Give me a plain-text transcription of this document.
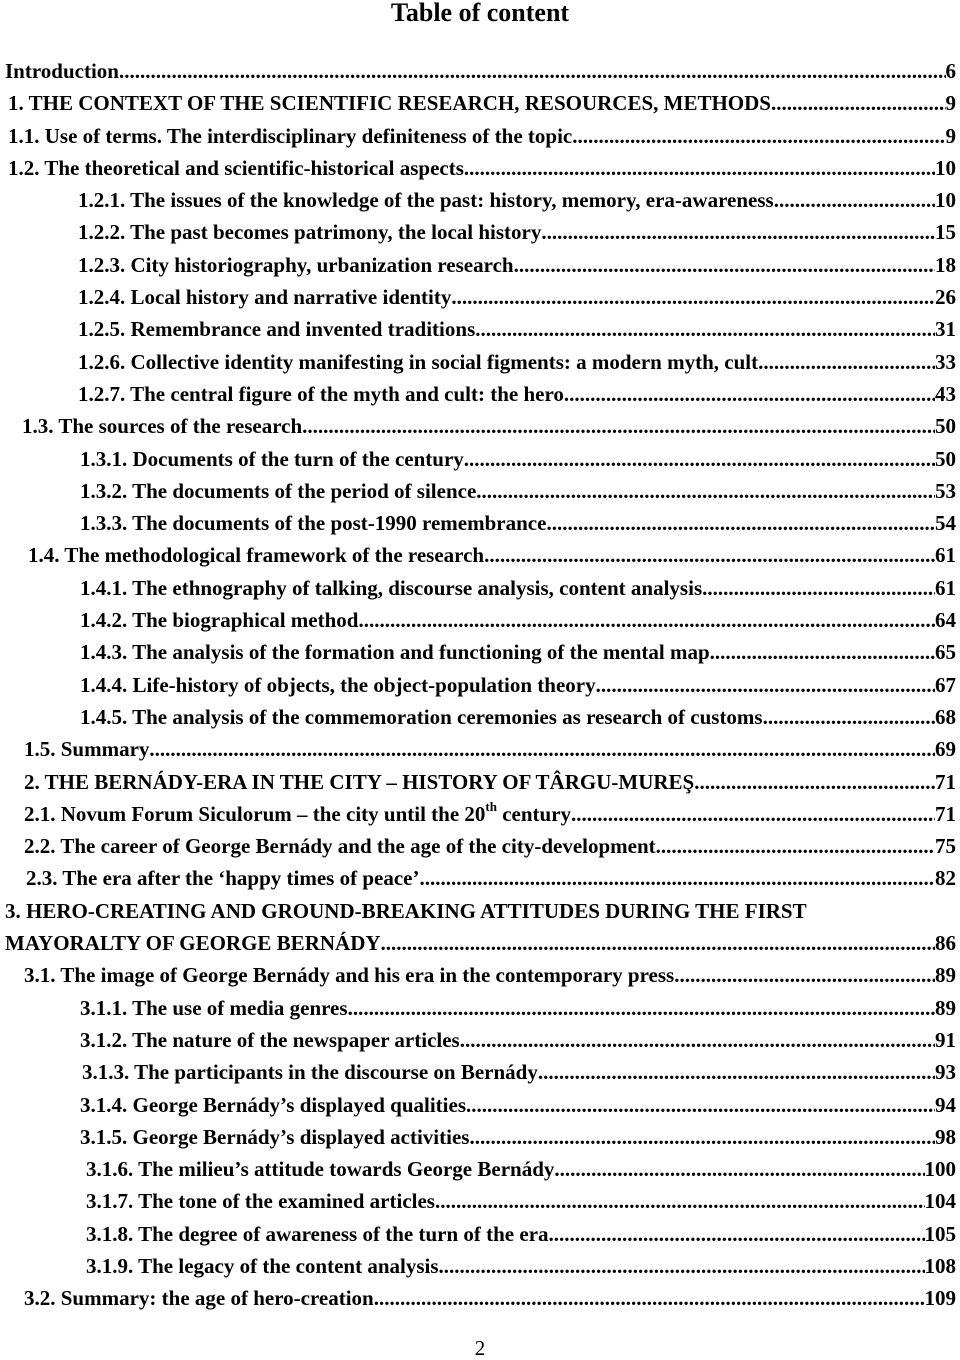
Table of content
Introduction .....	6
1. THE CONTEXT OF THE SCIENTIFIC RESEARCH, RESOURCES, METHODS .....	9
1.1. Use of terms. The interdisciplinary definiteness of the topic .....	9
1.2. The theoretical and scientific-historical aspects .....	10
1.2.1. The issues of the knowledge of the past: history, memory, era-awareness .....	10
1.2.2. The past becomes patrimony, the local history .....	15
1.2.3. City historiography, urbanization research .....	18
1.2.4. Local history and narrative identity .....	26
1.2.5. Remembrance and invented traditions .....	31
1.2.6. Collective identity manifesting in social figments: a modern myth, cult .....	33
1.2.7. The central figure of the myth and cult: the hero .....	43
1.3. The sources of the research .....	50
1.3.1. Documents of the turn of the century .....	50
1.3.2. The documents of the period of silence .....	53
1.3.3. The documents of the post-1990 remembrance .....	54
1.4. The methodological framework of the research .....	61
1.4.1. The ethnography of talking, discourse analysis, content analysis .....	61
1.4.2. The biographical method .....	64
1.4.3. The analysis of the formation and functioning of the mental map .....	65
1.4.4. Life-history of objects, the object-population theory .....	67
1.4.5. The analysis of the commemoration ceremonies as research of customs .....	68
1.5. Summary .....	69
2. THE BERNÁDY-ERA IN THE CITY – HISTORY OF TÂRGU-MUREŞ .....	71
2.1. Novum Forum Siculorum – the city until the 20th century .....	71
2.2. The career of George Bernády and the age of the city-development .....	75
2.3. The era after the ‘happy times of peace’ .....	82
3. HERO-CREATING AND GROUND-BREAKING ATTITUDES DURING THE FIRST
MAYORALTY OF GEORGE BERNÁDY .....	86
3.1. The image of George Bernády and his era in the contemporary press .....	89
3.1.1. The use of media genres .....	89
3.1.2. The nature of the newspaper articles .....	91
3.1.3. The participants in the discourse on Bernády .....	93
3.1.4. George Bernády’s displayed qualities .....	94
3.1.5. George Bernády’s displayed activities .....	98
3.1.6. The milieu’s attitude towards George Bernády .....	100
3.1.7. The tone of the examined articles .....	104
3.1.8. The degree of awareness of the turn of the era .....	105
3.1.9. The legacy of the content analysis .....	108
3.2. Summary: the age of hero-creation .....	109
2
